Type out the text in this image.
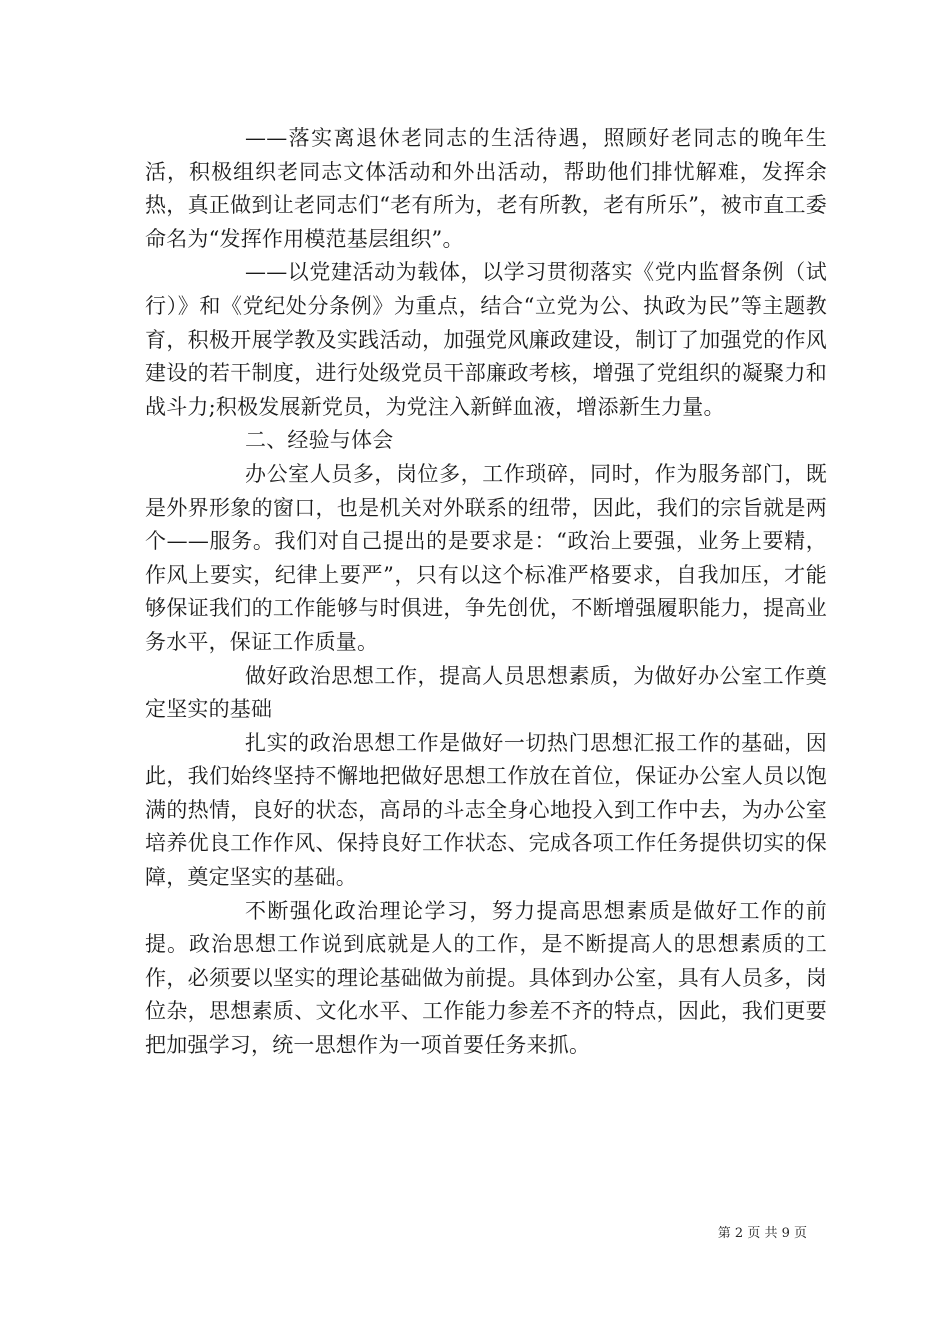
——落实离退休老同志的生活待遇，照顾好老同志的晚年生活，积极组织老同志文体活动和外出活动，帮助他们排忧解难，发挥余热，真正做到让老同志们“老有所为，老有所教，老有所乐”，被市直工委命名为“发挥作用模范基层组织”。

——以党建活动为载体，以学习贯彻落实《党内监督条例（试行）》和《党纪处分条例》为重点，结合“立党为公、执政为民”等主题教育，积极开展学教及实践活动，加强党风廉政建设，制订了加强党的作风建设的若干制度，进行处级党员干部廉政考核，增强了党组织的凝聚力和战斗力;积极发展新党员，为党注入新鲜血液，增添新生力量。

二、经验与体会

办公室人员多，岗位多，工作琐碎，同时，作为服务部门，既是外界形象的窗口，也是机关对外联系的纽带，因此，我们的宗旨就是两个——服务。我们对自己提出的是要求是：“政治上要强，业务上要精，作风上要实，纪律上要严”，只有以这个标准严格要求，自我加压，才能够保证我们的工作能够与时俱进，争先创优，不断增强履职能力，提高业务水平，保证工作质量。

做好政治思想工作，提高人员思想素质，为做好办公室工作奠定坚实的基础

扎实的政治思想工作是做好一切热门思想汇报工作的基础，因此，我们始终坚持不懈地把做好思想工作放在首位，保证办公室人员以饱满的热情，良好的状态，高昂的斗志全身心地投入到工作中去，为办公室培养优良工作作风、保持良好工作状态、完成各项工作任务提供切实的保障，奠定坚实的基础。

不断强化政治理论学习，努力提高思想素质是做好工作的前提。政治思想工作说到底就是人的工作，是不断提高人的思想素质的工作，必须要以坚实的理论基础做为前提。具体到办公室，具有人员多，岗位杂，思想素质、文化水平、工作能力参差不齐的特点，因此，我们更要把加强学习，统一思想作为一项首要任务来抓。

第 2 页 共 9 页
